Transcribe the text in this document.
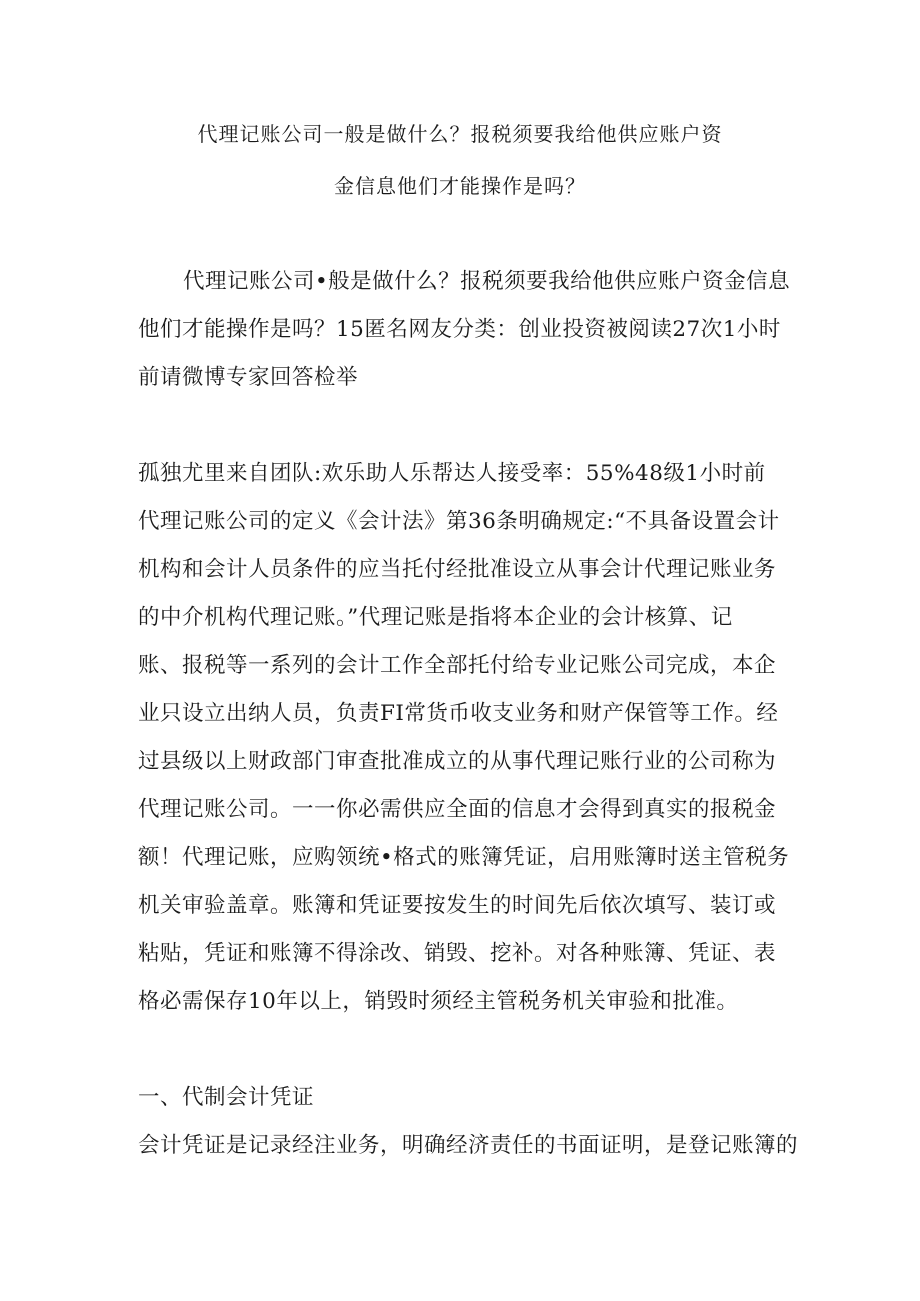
代理记账公司一般是做什么？报税须要我给他供应账户资
金信息他们才能操作是吗？
代理记账公司•般是做什么？报税须要我给他供应账户资金信息
他们才能操作是吗？15匿名网友分类：创业投资被阅读27次1小时
前请微博专家回答检举
孤独尤里来自团队:欢乐助人乐帮达人接受率：55%48级1小时前
代理记账公司的定义《会计法》第36条明确规定:“不具备设置会计
机构和会计人员条件的应当托付经批准设立从事会计代理记账业务
的中介机构代理记账。”代理记账是指将本企业的会计核算、记
账、报税等一系列的会计工作全部托付给专业记账公司完成，本企
业只设立出纳人员，负责FI常货币收支业务和财产保管等工作。经
过县级以上财政部门审查批准成立的从事代理记账行业的公司称为
代理记账公司。一一你必需供应全面的信息才会得到真实的报税金
额！代理记账，应购领统•格式的账簿凭证，启用账簿时送主管税务
机关审验盖章。账簿和凭证要按发生的时间先后依次填写、装订或
粘贴，凭证和账簿不得涂改、销毁、挖补。对各种账簿、凭证、表
格必需保存10年以上，销毁时须经主管税务机关审验和批准。
一、代制会计凭证
会计凭证是记录经注业务，明确经济责任的书面证明，是登记账簿的
